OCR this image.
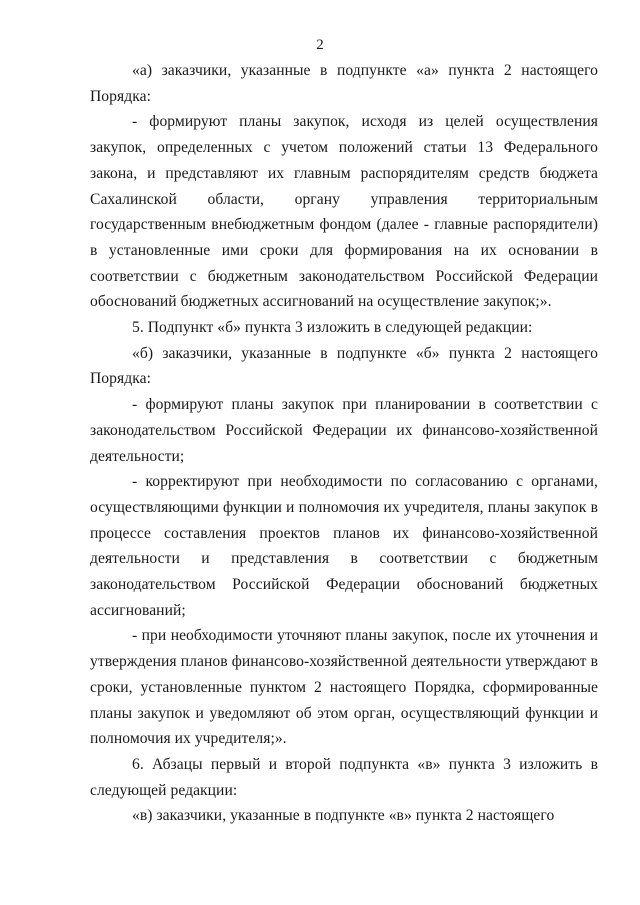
2

«а) заказчики, указанные в подпункте «а» пункта 2 настоящего Порядка:

- формируют планы закупок, исходя из целей осуществления закупок, определенных с учетом положений статьи 13 Федерального закона, и представляют их главным распорядителям средств бюджета Сахалинской области, органу управления территориальным государственным внебюджетным фондом (далее - главные распорядители) в установленные ими сроки для формирования на их основании в соответствии с бюджетным законодательством Российской Федерации обоснований бюджетных ассигнований на осуществление закупок;».

5. Подпункт «б» пункта 3 изложить в следующей редакции:

«б) заказчики, указанные в подпункте «б» пункта 2 настоящего Порядка:

- формируют планы закупок при планировании в соответствии с законодательством Российской Федерации их финансово-хозяйственной деятельности;

- корректируют при необходимости по согласованию с органами, осуществляющими функции и полномочия их учредителя, планы закупок в процессе составления проектов планов их финансово-хозяйственной деятельности и представления в соответствии с бюджетным законодательством Российской Федерации обоснований бюджетных ассигнований;

- при необходимости уточняют планы закупок, после их уточнения и утверждения планов финансово-хозяйственной деятельности утверждают в сроки, установленные пунктом 2 настоящего Порядка, сформированные планы закупок и уведомляют об этом орган, осуществляющий функции и полномочия их учредителя;».

6. Абзацы первый и второй подпункта «в» пункта 3 изложить в следующей редакции:

«в) заказчики, указанные в подпункте «в» пункта 2 настоящего
